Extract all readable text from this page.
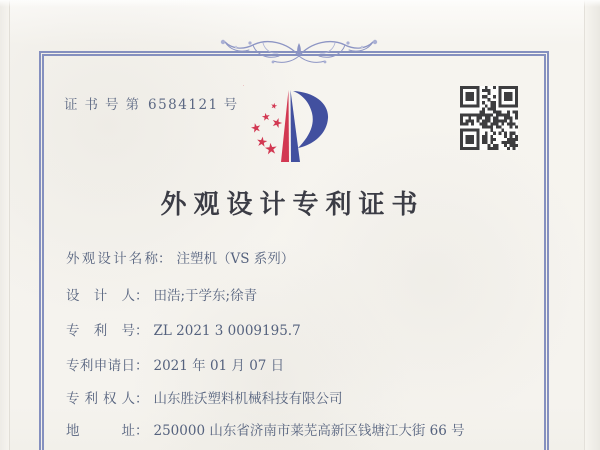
证书号第 6584121 号
外观设计专利证书
外观设计名称： 注塑机（VS 系列）
设计人： 田浩;于学东;徐青
专利号： ZL 2021 3 0009195.7
专利申请日： 2021 年 01 月 07 日
专利权人： 山东胜沃塑料机械科技有限公司
地址： 250000 山东省济南市莱芜高新区钱塘江大街 66 号
